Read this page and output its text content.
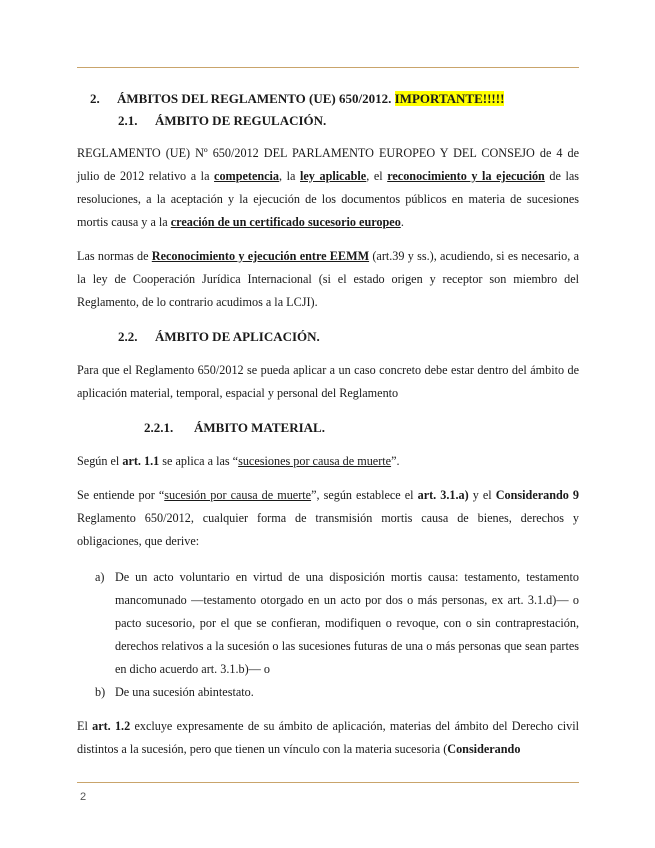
2. ÁMBITOS DEL REGLAMENTO (UE) 650/2012. IMPORTANTE!!!!!
2.1. ÁMBITO DE REGULACIÓN.
REGLAMENTO (UE) Nº 650/2012 DEL PARLAMENTO EUROPEO Y DEL CONSEJO de 4 de julio de 2012 relativo a la competencia, la ley aplicable, el reconocimiento y la ejecución de las resoluciones, a la aceptación y la ejecución de los documentos públicos en materia de sucesiones mortis causa y a la creación de un certificado sucesorio europeo.
Las normas de Reconocimiento y ejecución entre EEMM (art.39 y ss.), acudiendo, si es necesario, a la ley de Cooperación Jurídica Internacional (si el estado origen y receptor son miembro del Reglamento, de lo contrario acudimos a la LCJI).
2.2. ÁMBITO DE APLICACIÓN.
Para que el Reglamento 650/2012 se pueda aplicar a un caso concreto debe estar dentro del ámbito de aplicación material, temporal, espacial y personal del Reglamento
2.2.1. ÁMBITO MATERIAL.
Según el art. 1.1 se aplica a las “sucesiones por causa de muerte”.
Se entiende por “sucesión por causa de muerte”, según establece el art. 3.1.a) y el Considerando 9 Reglamento 650/2012, cualquier forma de transmisión mortis causa de bienes, derechos y obligaciones, que derive:
a) De un acto voluntario en virtud de una disposición mortis causa: testamento, testamento mancomunado —testamento otorgado en un acto por dos o más personas, ex art. 3.1.d)— o pacto sucesorio, por el que se confieran, modifiquen o revoque, con o sin contraprestación, derechos relativos a la sucesión o las sucesiones futuras de una o más personas que sean partes en dicho acuerdo art. 3.1.b)— o
b) De una sucesión abintestato.
El art. 1.2 excluye expresamente de su ámbito de aplicación, materias del ámbito del Derecho civil distintos a la sucesión, pero que tienen un vínculo con la materia sucesoria (Considerando
2
